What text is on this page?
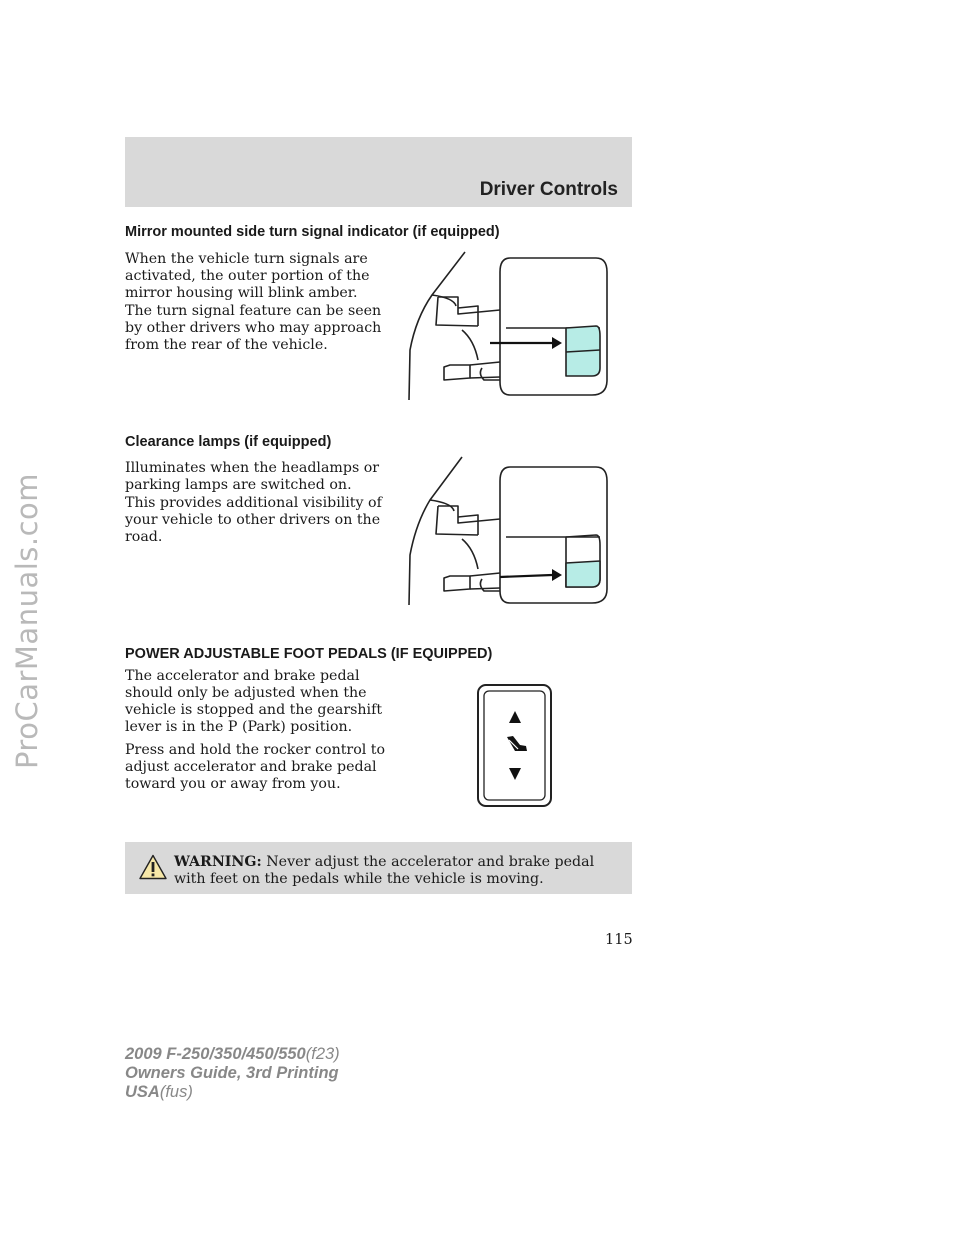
ProCarManuals.com
Driver Controls
Mirror mounted side turn signal indicator (if equipped)
When the vehicle turn signals are activated, the outer portion of the mirror housing will blink amber.
The turn signal feature can be seen by other drivers who may approach from the rear of the vehicle.
Clearance lamps (if equipped)
Illuminates when the headlamps or parking lamps are switched on.
This provides additional visibility of your vehicle to other drivers on the road.
POWER ADJUSTABLE FOOT PEDALS (IF EQUIPPED)
The accelerator and brake pedal should only be adjusted when the vehicle is stopped and the gearshift lever is in the P (Park) position.
Press and hold the rocker control to adjust accelerator and brake pedal toward you or away from you.
WARNING: Never adjust the accelerator and brake pedal with feet on the pedals while the vehicle is moving.
115
2009 F-250/350/450/550(f23)
Owners Guide, 3rd Printing
USA(fus)
